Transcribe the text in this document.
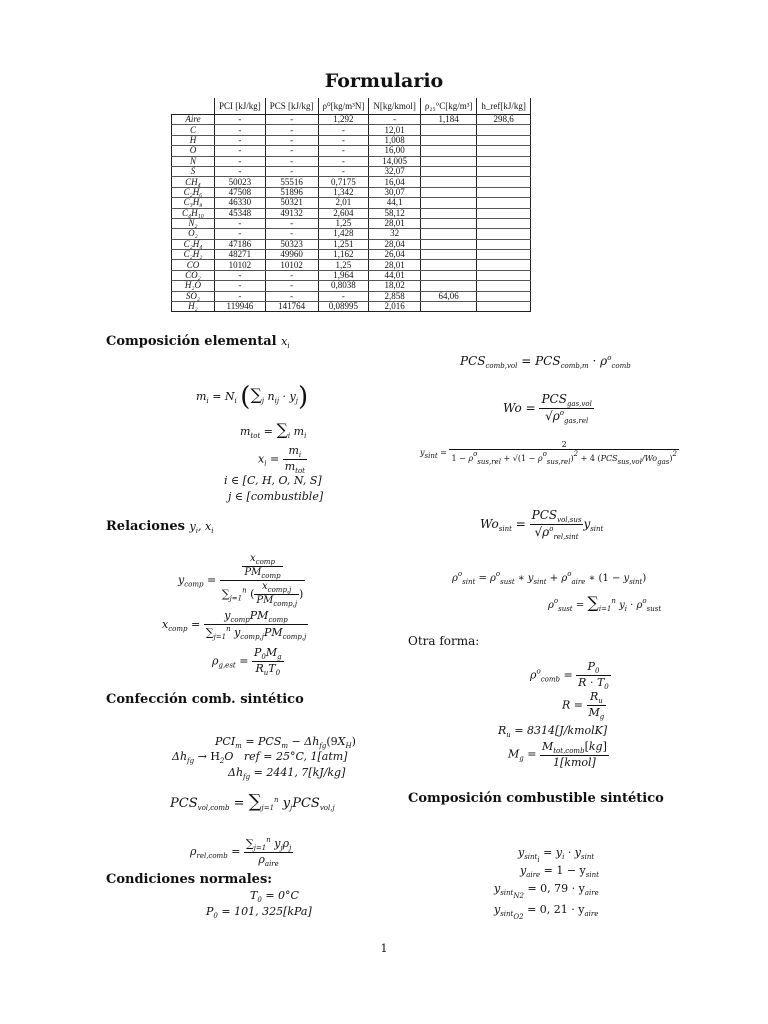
Formulario
	PCI [kJ/kg]	PCS [kJ/kg]	ρ⁰[kg/m³N]	N[kg/kmol]	ρ₂₅°C[kg/m³]	h_ref[kJ/kg]
Aire	-	-	1,292	-	1,184	298,6
C	-	-	-	12,01		
H	-	-	-	1,008		
O	-	-	-	16,00		
N	-	-	-	14,005		
S	-	-	-	32,07		
CH₄	50023	55516	0,7175	16,04		
C₂H₆	47508	51896	1,342	30,07		
C₃H₈	46330	50321	2,01	44,1		
C₄H₁₀	45348	49132	2,604	58,12		
N₂	-	-	1,25	28,01		
O₂	-	-	1,428	32		
C₂H₄	47186	50323	1,251	28,04		
C₂H₂	48271	49960	1,162	26,04		
CO	10102	10102	1,25	28,01		
CO₂	-	-	1,964	44,01		
H₂O	-	-	0,8038	18,02		
SO₂	-	-	-	2,858	64,06	
H₂	119946	141764	0,08995	2,016		
Composición elemental $x_i$
$m_i = N_i$ ($\sum_j$ $n_{ij} \cdot y_j$)
$m_{tot} = \sum_i$ $m_i$
$x_i = \frac{m_i}{m_{tot}}$
i ∈ [C, H, O, N, S]
j ∈ [combustible]
Relaciones $y_i$, $x_i$
$y_{comp} = \frac{\frac{x_{comp}}{PM_{comp}}}{\sum_{j=1}^n ( \frac{x_{comp,j}}{PM_{comp,j}} )}$
$x_{comp} = \frac{y_{comp}PM_{comp}}{\sum_{j=1}^n y_{comp,j}PM_{comp,j}}$
$\rho_{g,est} = \frac{P_0M_g}{R_uT_0}$
Confección comb. sintético
$PCI_m = PCS_m - \Delta h_{fg}(9X_H)$
$\Delta h_{fg} \to H_2O$   ref = 25°C, 1[atm]
$\Delta h_{fg} = 2441$, 7[kJ/kg]
$PCS_{vol,comb} = \sum_{j=1}^n$ $y_jPCS_{vol,j}$
$\rho_{rel,comb} = \frac{\sum_{j=1}^n y_j\rho_j}{\rho_{aire}}$
Condiciones normales:
$T_0 = 0^\circ C$
$P_0 = 101$, 325[kPa]
$PCS_{comb,vol} = PCS_{comb,m} \cdot \rho^o_{comb}$
$Wo = \frac{PCS_{gas,vol}}{√\rho^o_{gas,rel}}$
$ysint = \frac{2}{\text{1 − ρosus,rel + √(1 − ρosus,rel)2 + 4 (PCSsus,vol/Wogas)2}}$
$Wo_{sint} = \frac{PCS_{vol,sus}}{√\rho^o_{rel,sint}} y_{sint}$
$\rho^o_{sint} = \rho^o_{sust}$ ∗ $y_{sint} + \rho^o_{aire}$ ∗ $(1 - y_{sint})$
$\rho^o_{sust} = \sum_{i=1}^n$ $y_i \cdot \rho^o_{sust}$
Otra forma:
$\rho^o_{comb} = \frac{P_0}{R \cdot T_0}$
$R = \frac{R_u}{M_g}$
$R_u$ = 8314[J/kmolK]
$M_g = \frac{M_{tot,comb}[kg]}{\text{1[kmol]}}$
Composición combustible sintético
$y_{sinti} = y_i \cdot y_{sint}$
$y_{aire} = 1 - y_{sint}$
$y_{sintN2} = 0$, $79 \cdot y_{aire}$
$y_{sintO2} = 0$, $21 \cdot y_{aire}$
1
